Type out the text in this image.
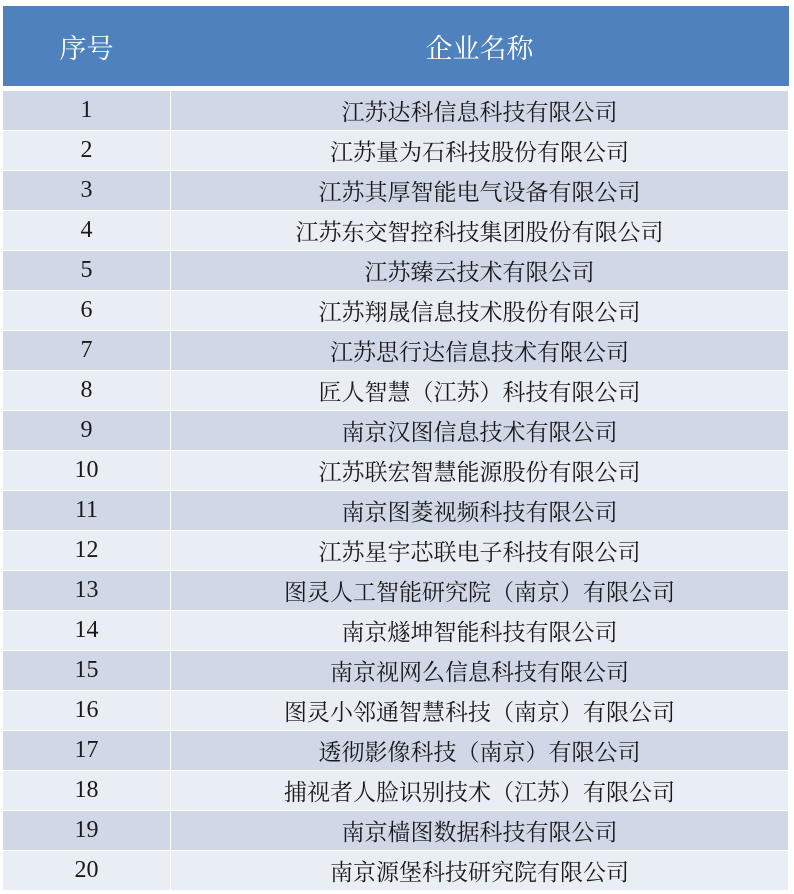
序号	企业名称

1	江苏达科信息科技有限公司
2	江苏量为石科技股份有限公司
3	江苏其厚智能电气设备有限公司
4	江苏东交智控科技集团股份有限公司
5	江苏臻云技术有限公司
6	江苏翔晟信息技术股份有限公司
7	江苏思行达信息技术有限公司
8	匠人智慧（江苏）科技有限公司
9	南京汉图信息技术有限公司
10	江苏联宏智慧能源股份有限公司
11	南京图菱视频科技有限公司
12	江苏星宇芯联电子科技有限公司
13	图灵人工智能研究院（南京）有限公司
14	南京燧坤智能科技有限公司
15	南京视网么信息科技有限公司
16	图灵小邻通智慧科技（南京）有限公司
17	透彻影像科技（南京）有限公司
18	捕视者人脸识别技术（江苏）有限公司
19	南京樯图数据科技有限公司
20	南京源堡科技研究院有限公司
